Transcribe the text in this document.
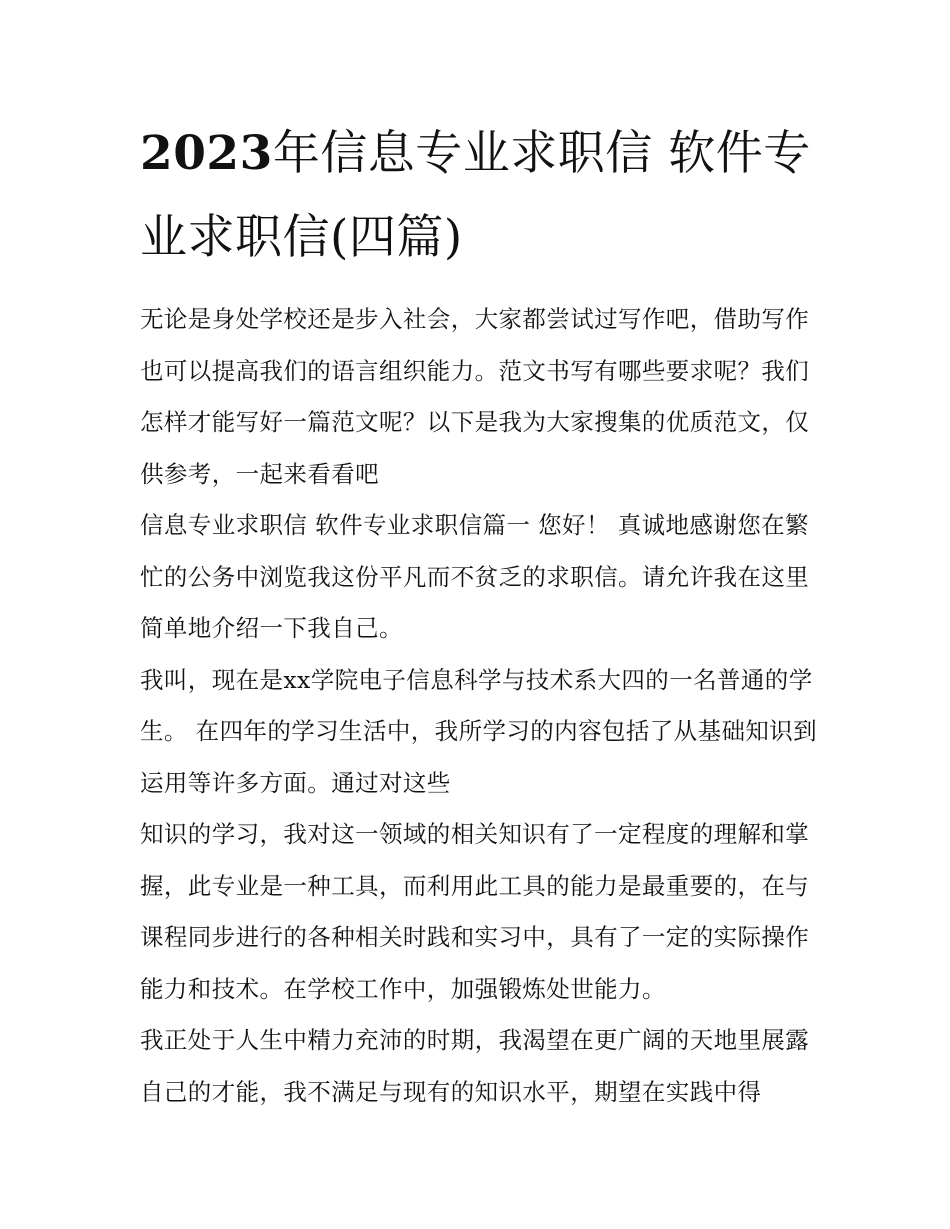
2023年信息专业求职信 软件专业求职信(四篇)

无论是身处学校还是步入社会，大家都尝试过写作吧，借助写作也可以提高我们的语言组织能力。范文书写有哪些要求呢？我们怎样才能写好一篇范文呢？以下是我为大家搜集的优质范文，仅供参考，一起来看看吧

信息专业求职信 软件专业求职信篇一 您好！ 真诚地感谢您在繁忙的公务中浏览我这份平凡而不贫乏的求职信。请允许我在这里简单地介绍一下我自己。

我叫，现在是xx学院电子信息科学与技术系大四的一名普通的学生。 在四年的学习生活中，我所学习的内容包括了从基础知识到运用等许多方面。通过对这些

知识的学习，我对这一领域的相关知识有了一定程度的理解和掌握，此专业是一种工具，而利用此工具的能力是最重要的，在与课程同步进行的各种相关时践和实习中，具有了一定的实际操作能力和技术。在学校工作中，加强锻炼处世能力。

我正处于人生中精力充沛的时期，我渴望在更广阔的天地里展露自己的才能，我不满足与现有的知识水平，期望在实践中得
